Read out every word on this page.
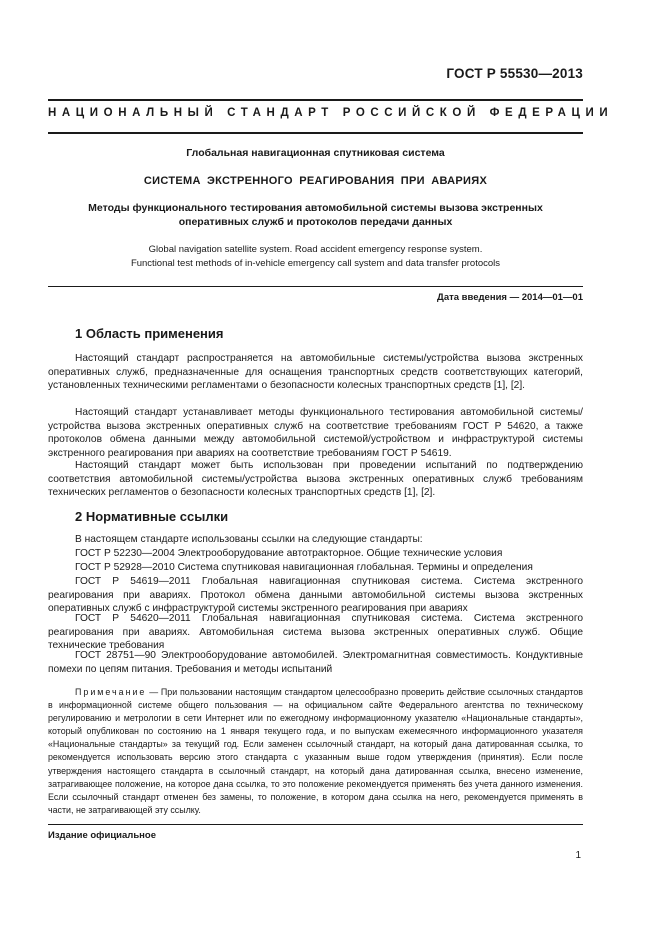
ГОСТ Р 55530—2013
НАЦИОНАЛЬНЫЙ СТАНДАРТ РОССИЙСКОЙ ФЕДЕРАЦИИ
Глобальная навигационная спутниковая система
СИСТЕМА ЭКСТРЕННОГО РЕАГИРОВАНИЯ ПРИ АВАРИЯХ
Методы функционального тестирования автомобильной системы вызова экстренных
оперативных служб и протоколов передачи данных
Global navigation satellite system. Road accident emergency response system.
Functional test methods of in-vehicle emergency call system and data transfer protocols
Дата введения — 2014—01—01
1 Область применения

Настоящий стандарт распространяется на автомобильные системы/устройства вызова экстренных оперативных служб, предназначенные для оснащения транспортных средств соответствующих категорий, установленных техническими регламентами о безопасности колесных транспортных средств [1], [2].

Настоящий стандарт устанавливает методы функционального тестирования автомобильной системы/устройства вызова экстренных оперативных служб на соответствие требованиям ГОСТ Р 54620, а также протоколов обмена данными между автомобильной системой/устройством и инфраструктурой системы экстренного реагирования при авариях на соответствие требованиям ГОСТ Р 54619.

Настоящий стандарт может быть использован при проведении испытаний по подтверждению соответствия автомобильной системы/устройства вызова экстренных оперативных служб требованиям технических регламентов о безопасности колесных транспортных средств [1], [2].

2 Нормативные ссылки

В настоящем стандарте использованы ссылки на следующие стандарты:

ГОСТ Р 52230—2004 Электрооборудование автотракторное. Общие технические условия

ГОСТ Р 52928—2010 Система спутниковая навигационная глобальная. Термины и определения

ГОСТ Р 54619—2011 Глобальная навигационная спутниковая система. Система экстренного реагирования при авариях. Протокол обмена данными автомобильной системы вызова экстренных оперативных служб с инфраструктурой системы экстренного реагирования при авариях

ГОСТ Р 54620—2011 Глобальная навигационная спутниковая система. Система экстренного реагирования при авариях. Автомобильная система вызова экстренных оперативных служб. Общие технические требования

ГОСТ 28751—90 Электрооборудование автомобилей. Электромагнитная совместимость. Кондуктивные помехи по цепям питания. Требования и методы испытаний

Примечание — При пользовании настоящим стандартом целесообразно проверить действие ссылочных стандартов в информационной системе общего пользования — на официальном сайте Федерального агентства по техническому регулированию и метрологии в сети Интернет или по ежегодному информационному указателю «Национальные стандарты», который опубликован по состоянию на 1 января текущего года, и по выпускам ежемесячного информационного указателя «Национальные стандарты» за текущий год. Если заменен ссылочный стандарт, на который дана датированная ссылка, то рекомендуется использовать версию этого стандарта с указанным выше годом утверждения (принятия). Если после утверждения настоящего стандарта в ссылочный стандарт, на который дана датированная ссылка, внесено изменение, затрагивающее положение, на которое дана ссылка, то это положение рекомендуется применять без учета данного изменения. Если ссылочный стандарт отменен без замены, то положение, в котором дана ссылка на него, рекомендуется применять в части, не затрагивающей эту ссылку.

Издание официальное
1
